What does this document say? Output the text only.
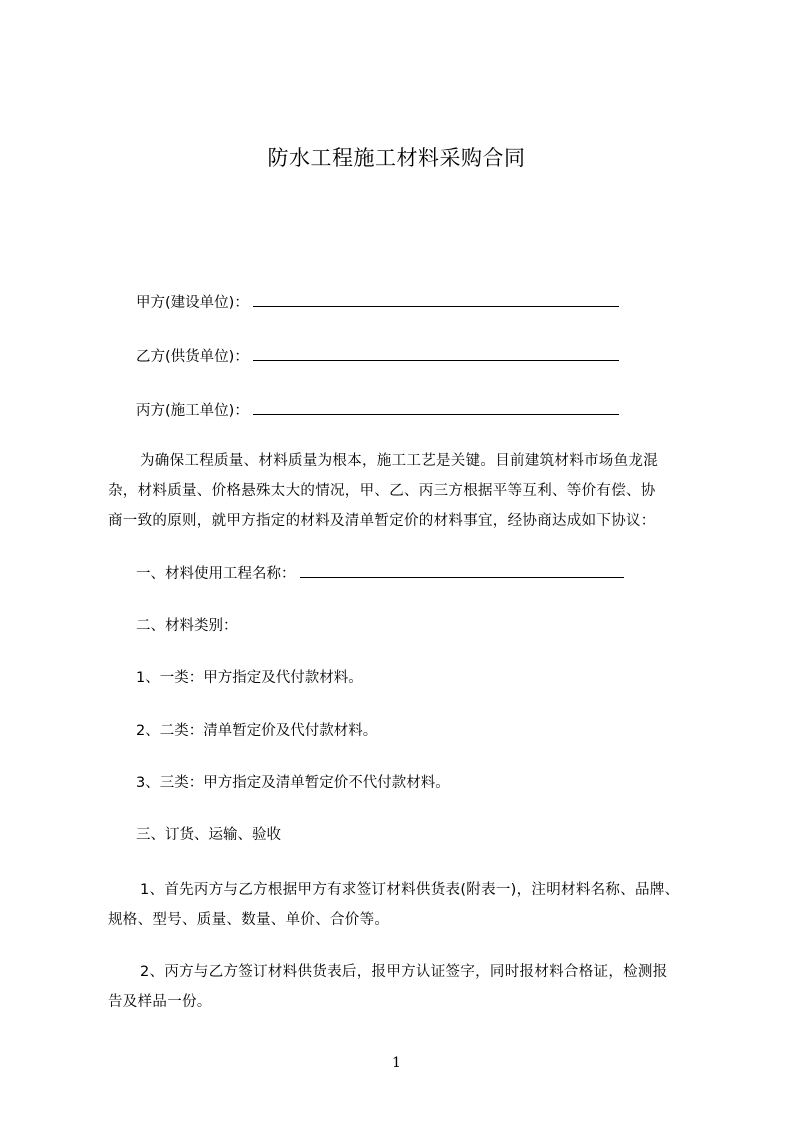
防水工程施工材料采购合同
甲方(建设单位)：
乙方(供货单位)：
丙方(施工单位)：
为确保工程质量、材料质量为根本，施工工艺是关键。目前建筑材料市场鱼龙混
杂，材料质量、价格悬殊太大的情况，甲、乙、丙三方根据平等互利、等价有偿、协
商一致的原则，就甲方指定的材料及清单暂定价的材料事宜，经协商达成如下协议：
一、材料使用工程名称：
二、材料类别：
1、一类：甲方指定及代付款材料。
2、二类：清单暂定价及代付款材料。
3、三类：甲方指定及清单暂定价不代付款材料。
三、订货、运输、验收
1、首先丙方与乙方根据甲方有求签订材料供货表(附表一)，注明材料名称、品牌、
规格、型号、质量、数量、单价、合价等。
2、丙方与乙方签订材料供货表后，报甲方认证签字，同时报材料合格证，检测报
告及样品一份。
1
